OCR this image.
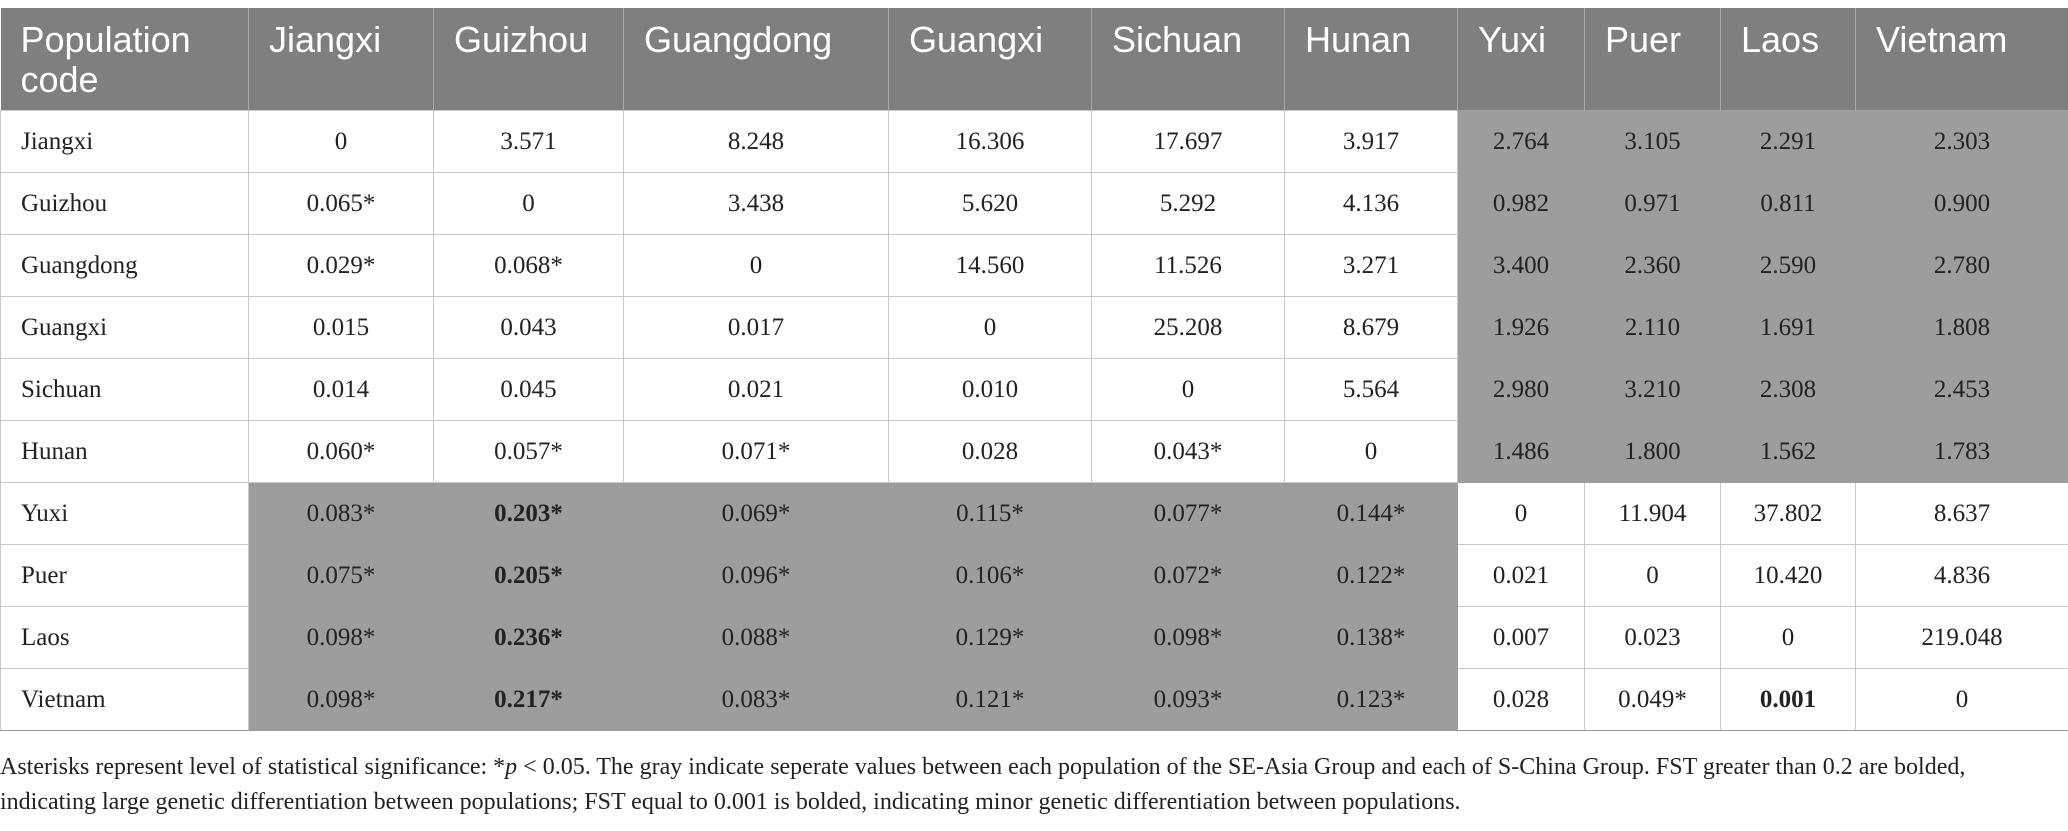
Population code	Jiangxi	Guizhou	Guangdong	Guangxi	Sichuan	Hunan	Yuxi	Puer	Laos	Vietnam
Jiangxi	0	3.571	8.248	16.306	17.697	3.917	2.764	3.105	2.291	2.303
Guizhou	0.065*	0	3.438	5.620	5.292	4.136	0.982	0.971	0.811	0.900
Guangdong	0.029*	0.068*	0	14.560	11.526	3.271	3.400	2.360	2.590	2.780
Guangxi	0.015	0.043	0.017	0	25.208	8.679	1.926	2.110	1.691	1.808
Sichuan	0.014	0.045	0.021	0.010	0	5.564	2.980	3.210	2.308	2.453
Hunan	0.060*	0.057*	0.071*	0.028	0.043*	0	1.486	1.800	1.562	1.783
Yuxi	0.083*	0.203*	0.069*	0.115*	0.077*	0.144*	0	11.904	37.802	8.637
Puer	0.075*	0.205*	0.096*	0.106*	0.072*	0.122*	0.021	0	10.420	4.836
Laos	0.098*	0.236*	0.088*	0.129*	0.098*	0.138*	0.007	0.023	0	219.048
Vietnam	0.098*	0.217*	0.083*	0.121*	0.093*	0.123*	0.028	0.049*	0.001	0
Asterisks represent level of statistical significance: *p < 0.05. The gray indicate seperate values between each population of the SE-Asia Group and each of S-China Group. FST greater than 0.2 are bolded, indicating large genetic differentiation between populations; FST equal to 0.001 is bolded, indicating minor genetic differentiation between populations.
